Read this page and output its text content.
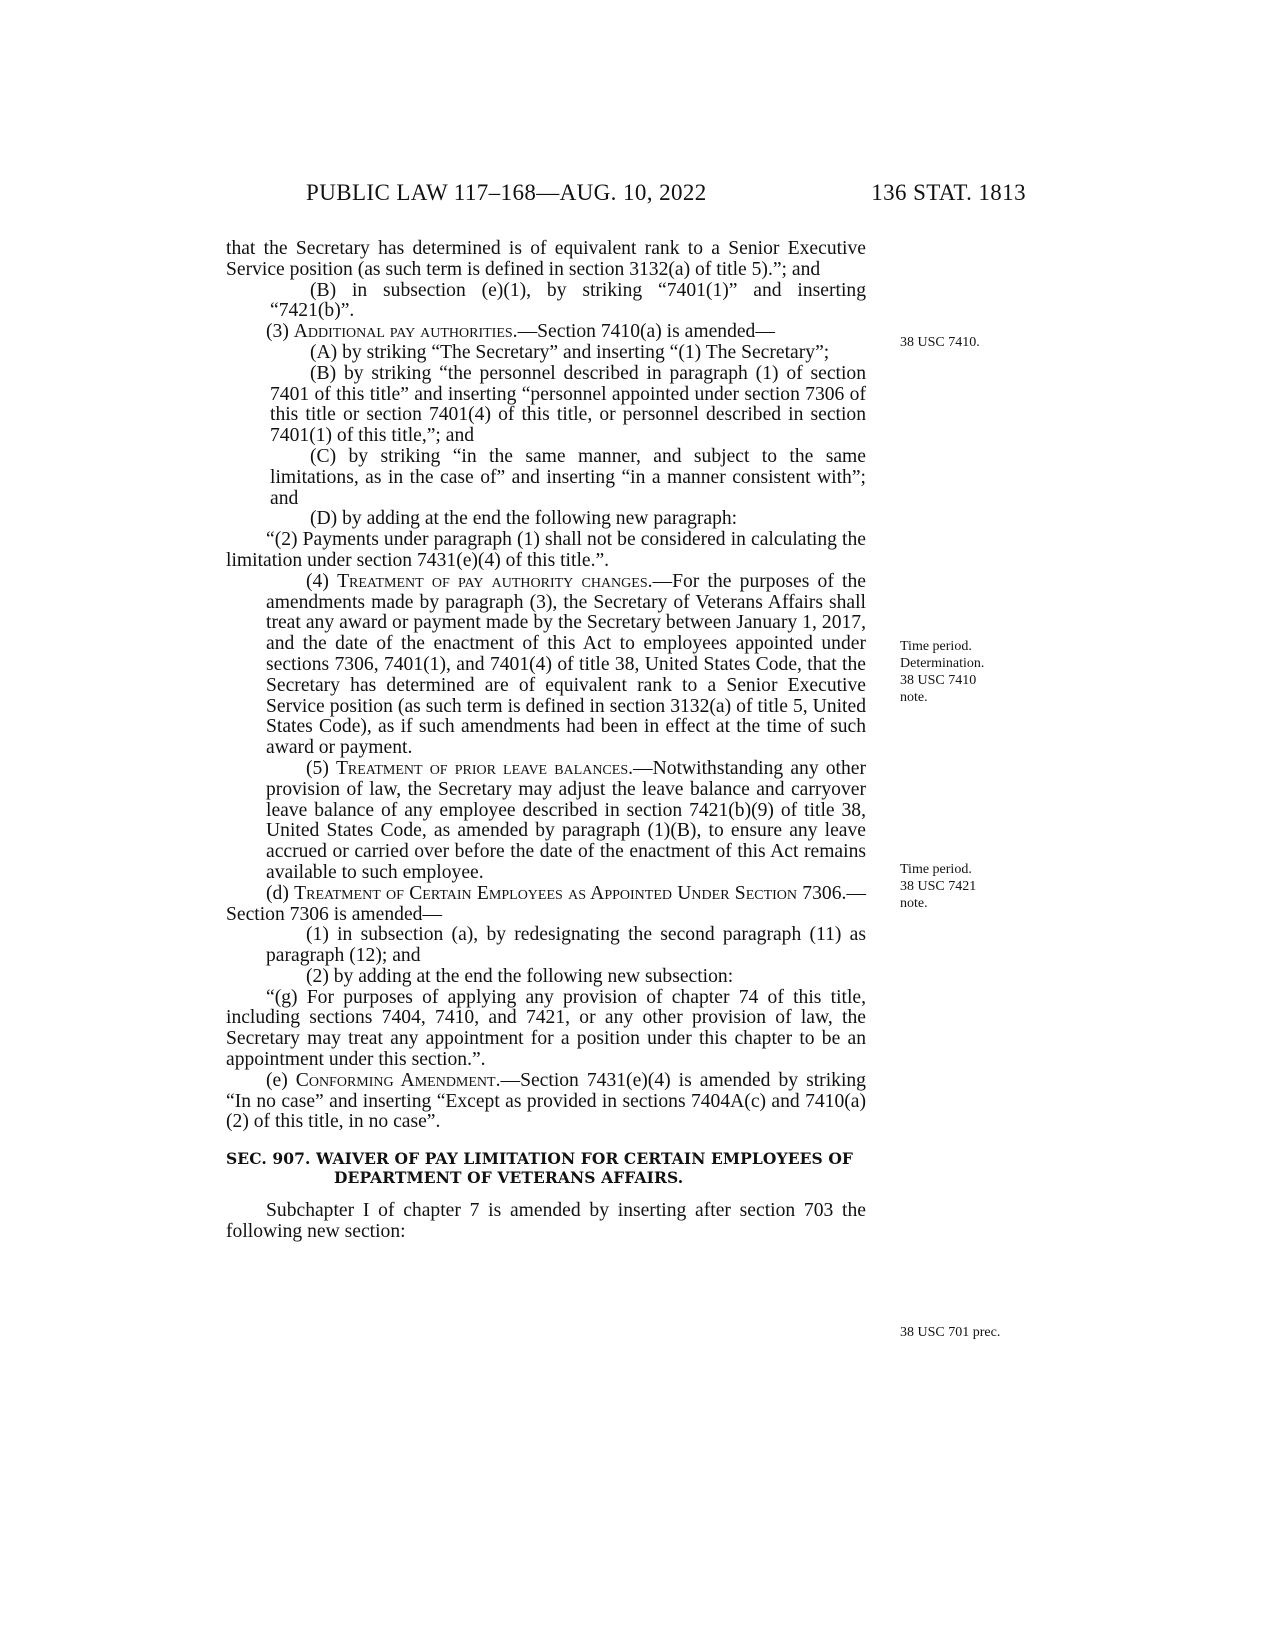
PUBLIC LAW 117–168—AUG. 10, 2022	136 STAT. 1813

that the Secretary has determined is of equivalent rank to a Senior Executive Service position (as such term is defined in section 3132(a) of title 5).”; and

(B) in subsection (e)(1), by striking “7401(1)” and inserting “7421(b)”.

(3) Additional pay authorities.—Section 7410(a) is amended—

(A) by striking “The Secretary” and inserting “(1) The Secretary”;

(B) by striking “the personnel described in paragraph (1) of section 7401 of this title” and inserting “personnel appointed under section 7306 of this title or section 7401(4) of this title, or personnel described in section 7401(1) of this title,”; and

(C) by striking “in the same manner, and subject to the same limitations, as in the case of” and inserting “in a manner consistent with”; and

(D) by adding at the end the following new paragraph:

“(2) Payments under paragraph (1) shall not be considered in calculating the limitation under section 7431(e)(4) of this title.”.

(4) Treatment of pay authority changes.—For the purposes of the amendments made by paragraph (3), the Secretary of Veterans Affairs shall treat any award or payment made by the Secretary between January 1, 2017, and the date of the enactment of this Act to employees appointed under sections 7306, 7401(1), and 7401(4) of title 38, United States Code, that the Secretary has determined are of equivalent rank to a Senior Executive Service position (as such term is defined in section 3132(a) of title 5, United States Code), as if such amendments had been in effect at the time of such award or payment.

(5) Treatment of prior leave balances.—Notwithstanding any other provision of law, the Secretary may adjust the leave balance and carryover leave balance of any employee described in section 7421(b)(9) of title 38, United States Code, as amended by paragraph (1)(B), to ensure any leave accrued or carried over before the date of the enactment of this Act remains available to such employee.

(d) Treatment of Certain Employees as Appointed Under Section 7306.—Section 7306 is amended—

(1) in subsection (a), by redesignating the second paragraph (11) as paragraph (12); and

(2) by adding at the end the following new subsection:

“(g) For purposes of applying any provision of chapter 74 of this title, including sections 7404, 7410, and 7421, or any other provision of law, the Secretary may treat any appointment for a position under this chapter to be an appointment under this section.”.

(e) Conforming Amendment.—Section 7431(e)(4) is amended by striking “In no case” and inserting “Except as provided in sections 7404A(c) and 7410(a)(2) of this title, in no case”.

SEC. 907. WAIVER OF PAY LIMITATION FOR CERTAIN EMPLOYEES OF
DEPARTMENT OF VETERANS AFFAIRS.

Subchapter I of chapter 7 is amended by inserting after section 703 the following new section:

38 USC 7410.
Time period.
Determination.
38 USC 7410
note.
Time period.
38 USC 7421
note.
38 USC 701 prec.
